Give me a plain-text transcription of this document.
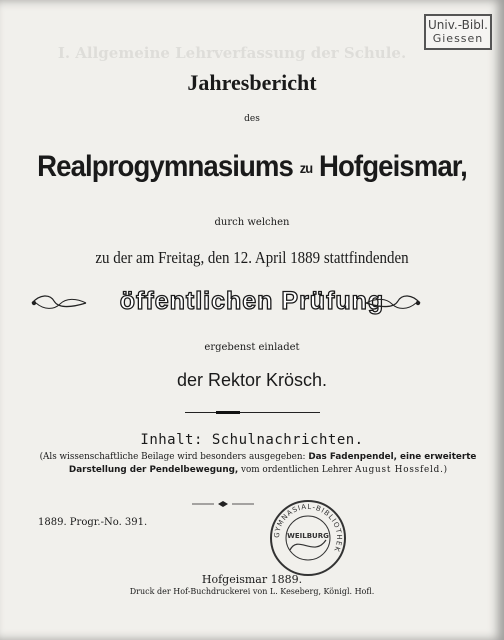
I. Allgemeine Lehrverfassung der Schule.
Univ.-Bibl.
Giessen
Jahresbericht
des
Realprogymnasiums zu Hofgeismar,
durch welchen
zu der am Freitag, den 12. April 1889 stattfindenden
öffentlichen Prüfung
ergebenst einladet
der Rektor Krösch.
Inhalt: Schulnachrichten.
(Als wissenschaftliche Beilage wird besonders ausgegeben: Das Fadenpendel, eine erweiterte
Darstellung der Pendelbewegung, vom ordentlichen Lehrer August Hossfeld.)
1889. Progr.-No. 391.
GYMNASIAL-BIBLIOTHEK
WEILBURG
Hofgeismar 1889.
Druck der Hof-Buchdruckerei von L. Keseberg, Königl. Hofl.
